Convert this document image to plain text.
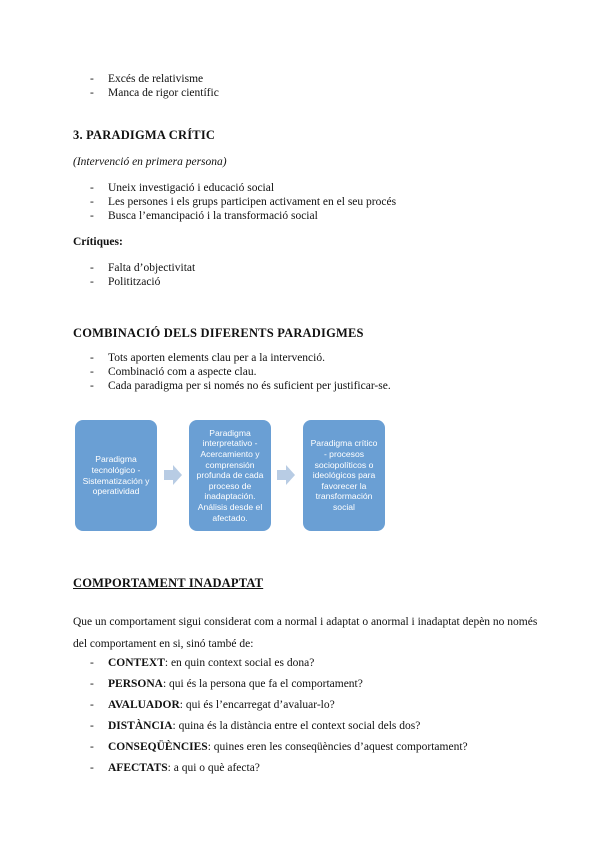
- Excés de relativisme
- Manca de rigor científic
3. PARADIGMA CRÍTIC
(Intervenció en primera persona)
- Uneix investigació i educació social
- Les persones i els grups participen activament en el seu procés
- Busca l’emancipació i la transformació social
Crítiques:
- Falta d’objectivitat
- Politització
COMBINACIÓ DELS DIFERENTS PARADIGMES
- Tots aporten elements clau per a la intervenció.
- Combinació com a aspecte clau.
- Cada paradigma per si només no és suficient per justificar-se.
Paradigma tecnológico - Sistematización y operatividad
Paradigma interpretativo - Acercamiento y comprensión profunda de cada proceso de inadaptación. Análisis desde el afectado.
Paradigma crítico - procesos sociopolíticos o ideológicos para favorecer la transformación social
COMPORTAMENT INADAPTAT
Que un comportament sigui considerat com a normal i adaptat o anormal i inadaptat depèn no només del comportament en si, sinó també de:
- CONTEXT: en quin context social es dona?
- PERSONA: qui és la persona que fa el comportament?
- AVALUADOR: qui és l’encarregat d’avaluar-lo?
- DISTÀNCIA: quina és la distància entre el context social dels dos?
- CONSEQÜÈNCIES: quines eren les conseqüències d’aquest comportament?
- AFECTATS: a qui o què afecta?
